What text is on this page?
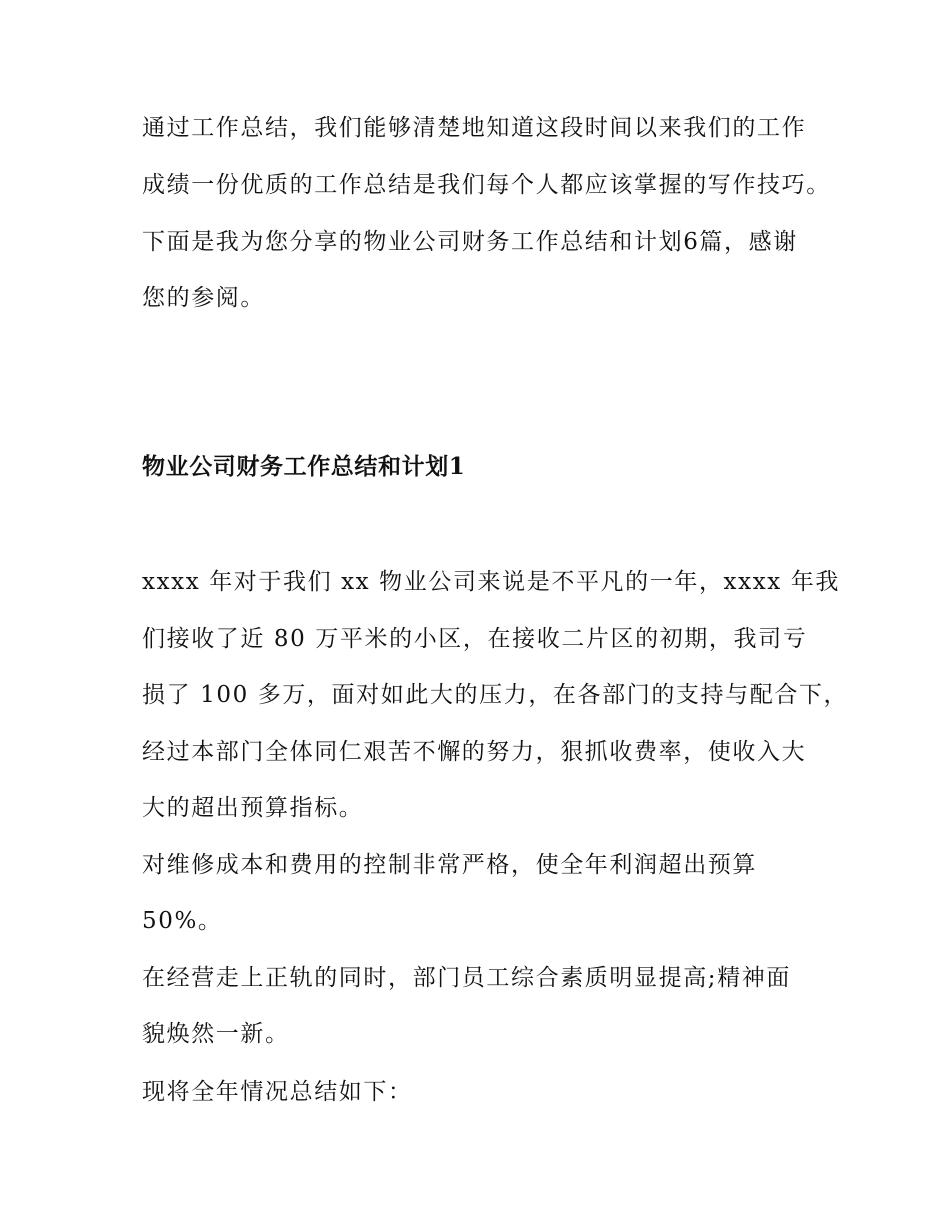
通过工作总结，我们能够清楚地知道这段时间以来我们的工作
成绩一份优质的工作总结是我们每个人都应该掌握的写作技巧。
下面是我为您分享的物业公司财务工作总结和计划6篇，感谢
您的参阅。
物业公司财务工作总结和计划1
xxxx 年对于我们 xx 物业公司来说是不平凡的一年，xxxx 年我
们接收了近 80 万平米的小区，在接收二片区的初期，我司亏
损了 100 多万，面对如此大的压力，在各部门的支持与配合下，
经过本部门全体同仁艰苦不懈的努力，狠抓收费率，使收入大
大的超出预算指标。
对维修成本和费用的控制非常严格，使全年利润超出预算
50%。
在经营走上正轨的同时，部门员工综合素质明显提高;精神面
貌焕然一新。
现将全年情况总结如下：
